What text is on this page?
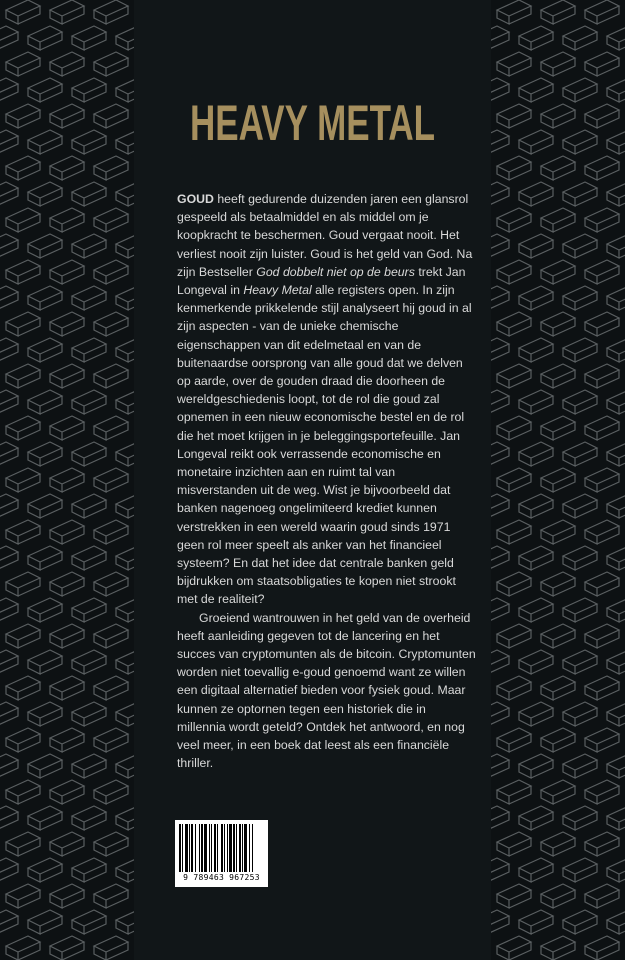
HEAVY METAL

GOUD heeft gedurende duizenden jaren een glansrol gespeeld als betaalmiddel en als middel om je koopkracht te beschermen. Goud vergaat nooit. Het verliest nooit zijn luister. Goud is het geld van God. Na zijn Bestseller God dobbelt niet op de beurs trekt Jan Longeval in Heavy Metal alle registers open. In zijn kenmerkende prikkelende stijl analyseert hij goud in al zijn aspecten - van de unieke chemische eigenschappen van dit edelmetaal en van de buitenaardse oorsprong van alle goud dat we delven op aarde, over de gouden draad die doorheen de wereldgeschiedenis loopt, tot de rol die goud zal opnemen in een nieuw economische bestel en de rol die het moet krijgen in je beleggingsportefeuille. Jan Longeval reikt ook verrassende economische en monetaire inzichten aan en ruimt tal van misverstanden uit de weg. Wist je bijvoorbeeld dat banken nagenoeg ongelimiteerd krediet kunnen verstrekken in een wereld waarin goud sinds 1971 geen rol meer speelt als anker van het financieel systeem? En dat het idee dat centrale banken geld bijdrukken om staatsobligaties te kopen niet strookt met de realiteit?

Groeiend wantrouwen in het geld van de overheid heeft aanleiding gegeven tot de lancering en het succes van cryptomunten als de bitcoin. Cryptomunten worden niet toevallig e-goud genoemd want ze willen een digitaal alternatief bieden voor fysiek goud. Maar kunnen ze optornen tegen een historiek die in millennia wordt geteld? Ontdek het antwoord, en nog veel meer, in een boek dat leest als een financiële thriller.

9 789463 967253
